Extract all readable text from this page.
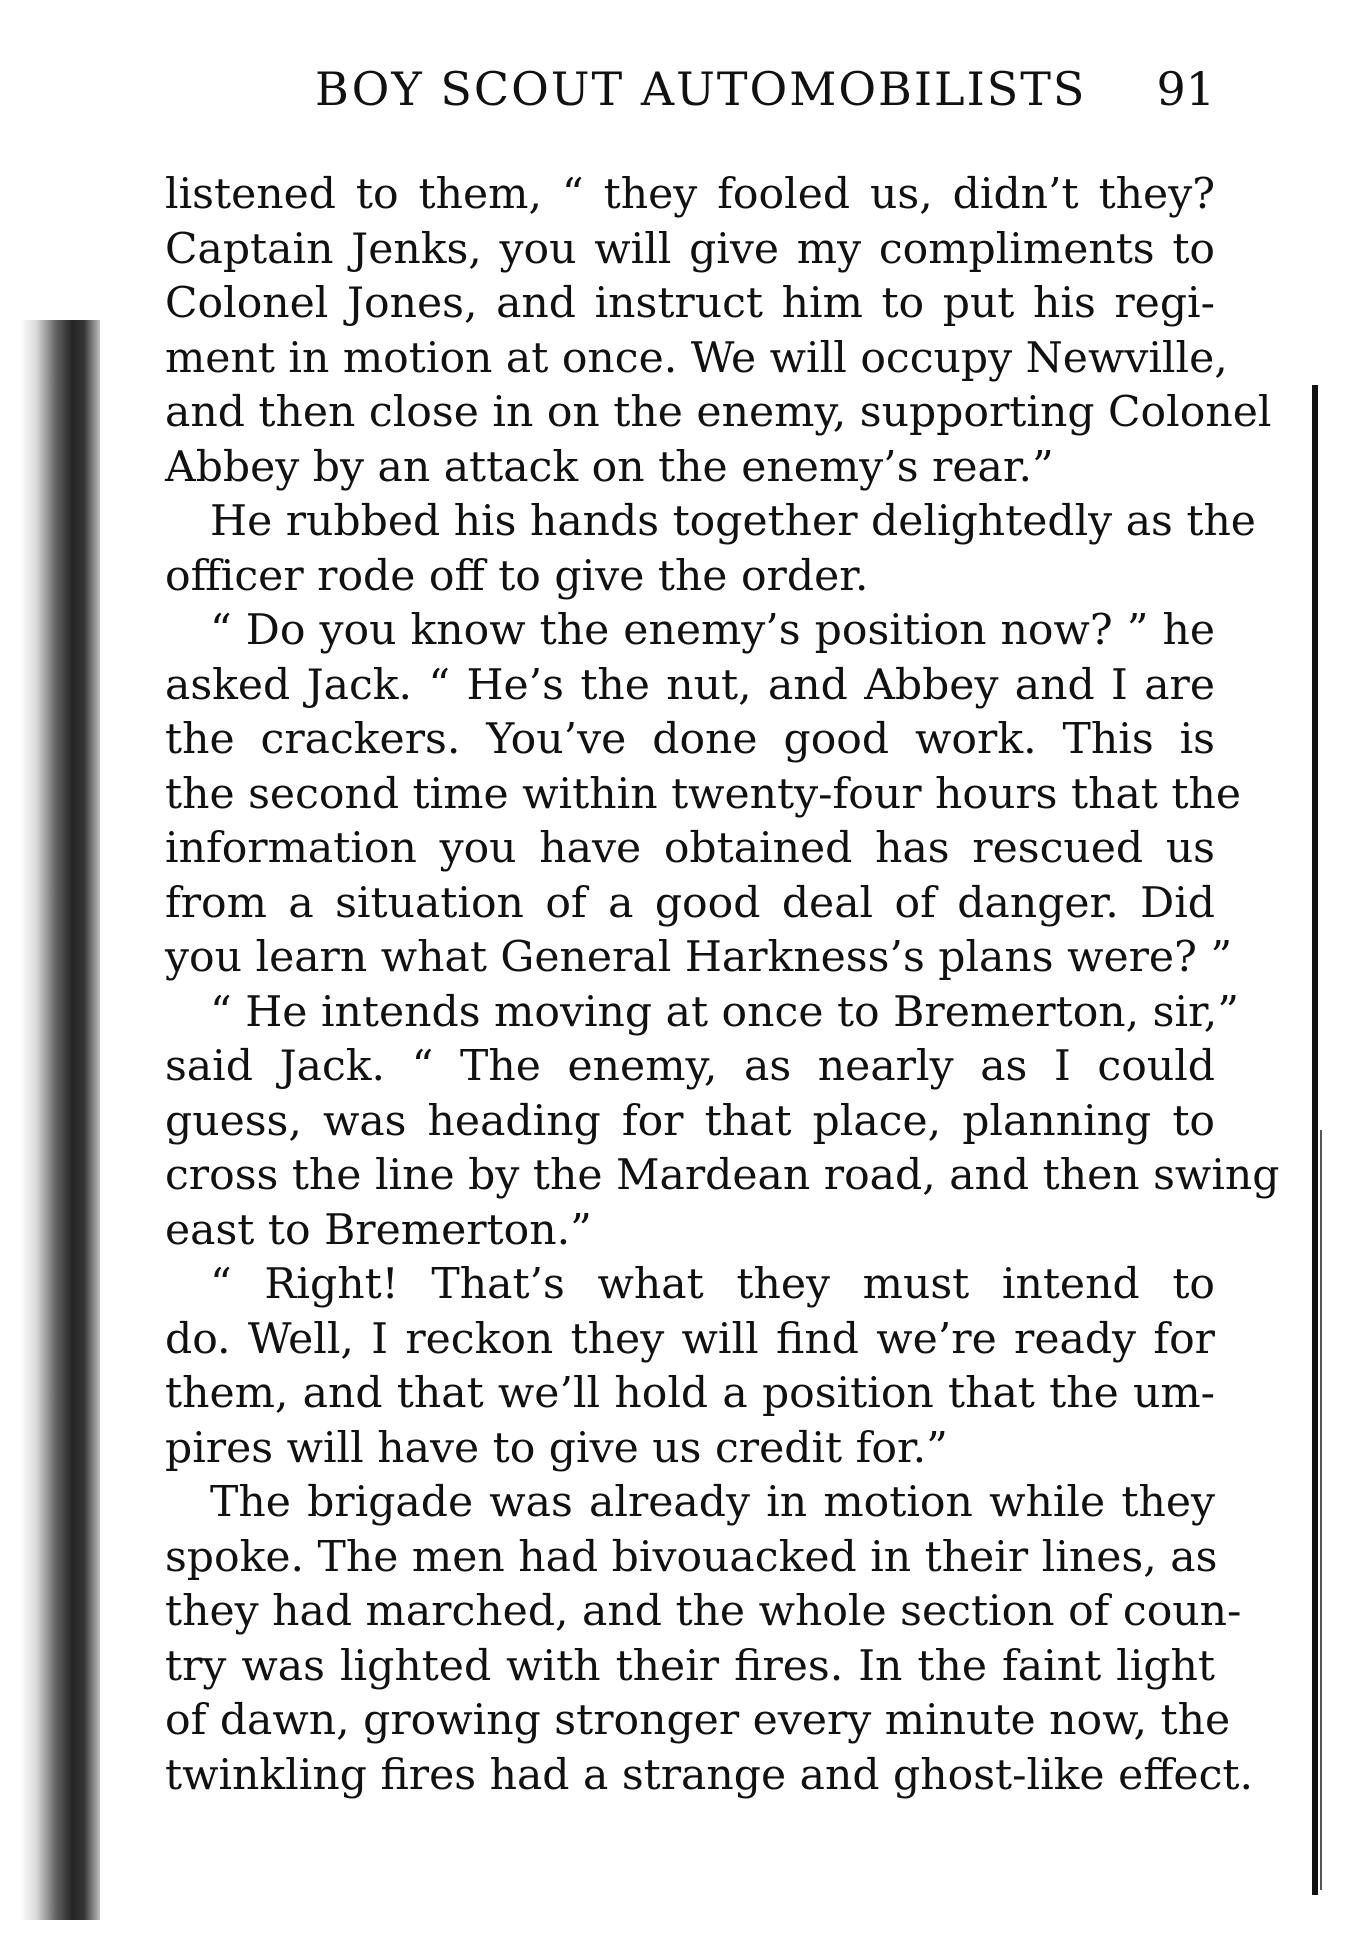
BOY SCOUT AUTOMOBILISTS 91
listened to them, “ they fooled us, didn’t they?
Captain Jenks, you will give my compliments to
Colonel Jones, and instruct him to put his regi-
ment in motion at once. We will occupy Newville,
and then close in on the enemy, supporting Colonel
Abbey by an attack on the enemy’s rear.”
He rubbed his hands together delightedly as the
officer rode off to give the order.
“ Do you know the enemy’s position now? ” he
asked Jack. “ He’s the nut, and Abbey and I are
the crackers. You’ve done good work. This is
the second time within twenty-four hours that the
information you have obtained has rescued us
from a situation of a good deal of danger. Did
you learn what General Harkness’s plans were? ”
“ He intends moving at once to Bremerton, sir,”
said Jack. “ The enemy, as nearly as I could
guess, was heading for that place, planning to
cross the line by the Mardean road, and then swing
east to Bremerton.”
“ Right! That’s what they must intend to
do. Well, I reckon they will find we’re ready for
them, and that we’ll hold a position that the um-
pires will have to give us credit for.”
The brigade was already in motion while they
spoke. The men had bivouacked in their lines, as
they had marched, and the whole section of coun-
try was lighted with their fires. In the faint light
of dawn, growing stronger every minute now, the
twinkling fires had a strange and ghost-like effect.
